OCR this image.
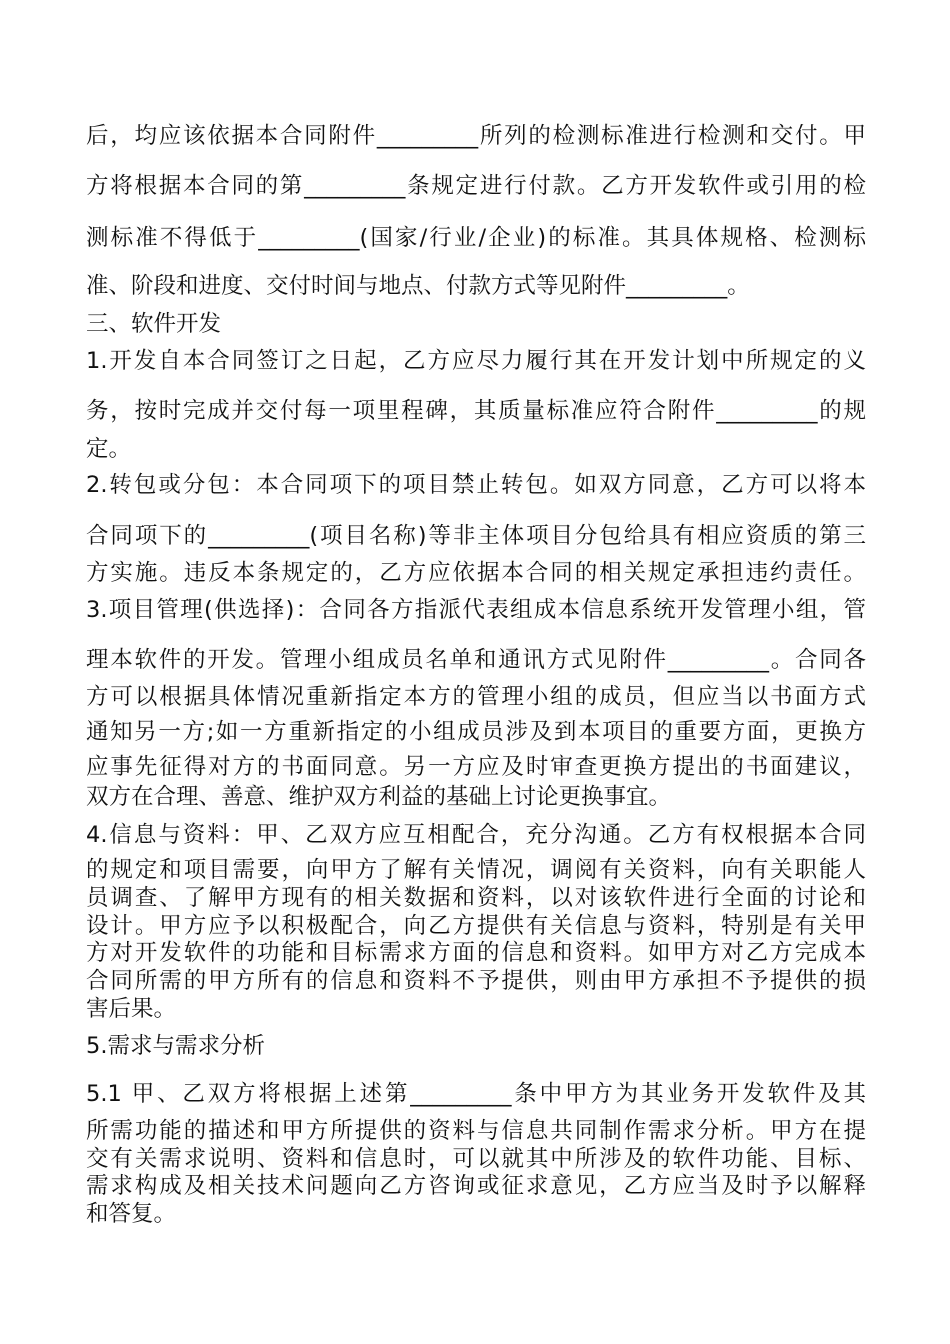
后，均应该依据本合同附件_________所列的检测标准进行检测和交付。甲
方将根据本合同的第_________条规定进行付款。乙方开发软件或引用的检
测标准不得低于_________(国家/行业/企业)的标准。其具体规格、检测标
准、阶段和进度、交付时间与地点、付款方式等见附件_________。
三、软件开发
1.开发自本合同签订之日起，乙方应尽力履行其在开发计划中所规定的义
务，按时完成并交付每一项里程碑，其质量标准应符合附件_________的规
定。
2.转包或分包：本合同项下的项目禁止转包。如双方同意，乙方可以将本
合同项下的_________(项目名称)等非主体项目分包给具有相应资质的第三
方实施。违反本条规定的，乙方应依据本合同的相关规定承担违约责任。
3.项目管理(供选择)：合同各方指派代表组成本信息系统开发管理小组，管
理本软件的开发。管理小组成员名单和通讯方式见附件_________。合同各
方可以根据具体情况重新指定本方的管理小组的成员，但应当以书面方式
通知另一方;如一方重新指定的小组成员涉及到本项目的重要方面，更换方
应事先征得对方的书面同意。另一方应及时审查更换方提出的书面建议，
双方在合理、善意、维护双方利益的基础上讨论更换事宜。
4.信息与资料：甲、乙双方应互相配合，充分沟通。乙方有权根据本合同
的规定和项目需要，向甲方了解有关情况，调阅有关资料，向有关职能人
员调查、了解甲方现有的相关数据和资料，以对该软件进行全面的讨论和
设计。甲方应予以积极配合，向乙方提供有关信息与资料，特别是有关甲
方对开发软件的功能和目标需求方面的信息和资料。如甲方对乙方完成本
合同所需的甲方所有的信息和资料不予提供，则由甲方承担不予提供的损
害后果。
5.需求与需求分析
5.1 甲、乙双方将根据上述第_________条中甲方为其业务开发软件及其
所需功能的描述和甲方所提供的资料与信息共同制作需求分析。甲方在提
交有关需求说明、资料和信息时，可以就其中所涉及的软件功能、目标、
需求构成及相关技术问题向乙方咨询或征求意见，乙方应当及时予以解释
和答复。
